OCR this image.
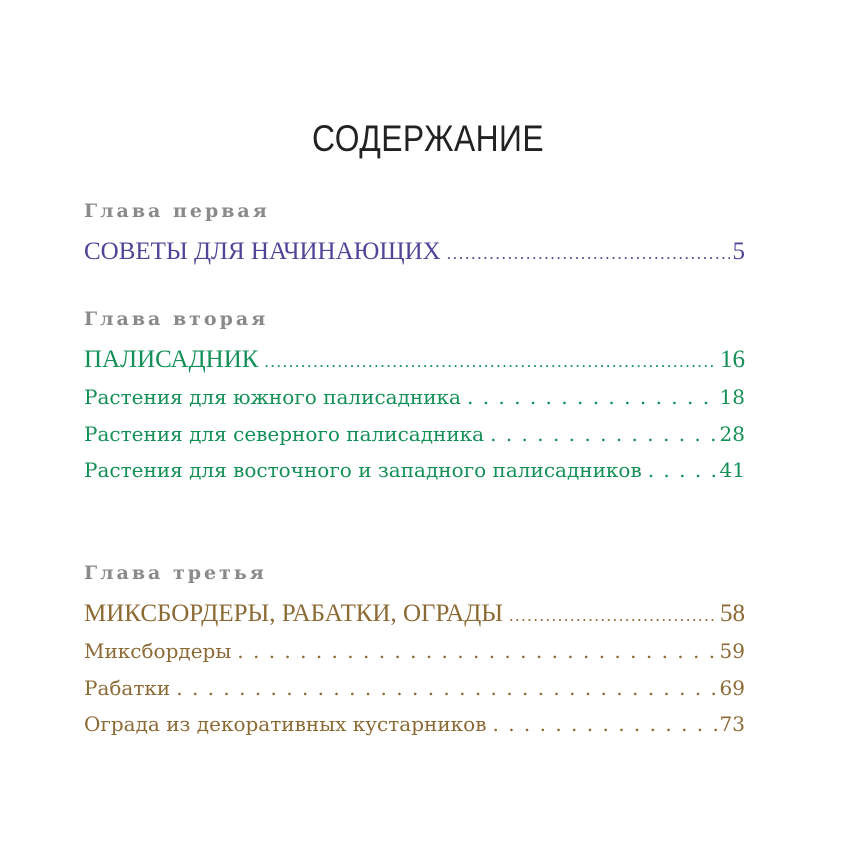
СОДЕРЖАНИЕ
Глава первая
СОВЕТЫ ДЛЯ НАЧИНАЮЩИХ . . .	5
Глава вторая
ПАЛИСАДНИК . . .	16
Растения для южного палисадника . . .	18
Растения для северного палисадника . . .	28
Растения для восточного и западного палисадников . . .	41
Глава третья
МИКСБОРДЕРЫ, РАБАТКИ, ОГРАДЫ . . .	58
Миксбордеры . . .	59
Рабатки . . .	69
Ограда из декоративных кустарников . . .	73
